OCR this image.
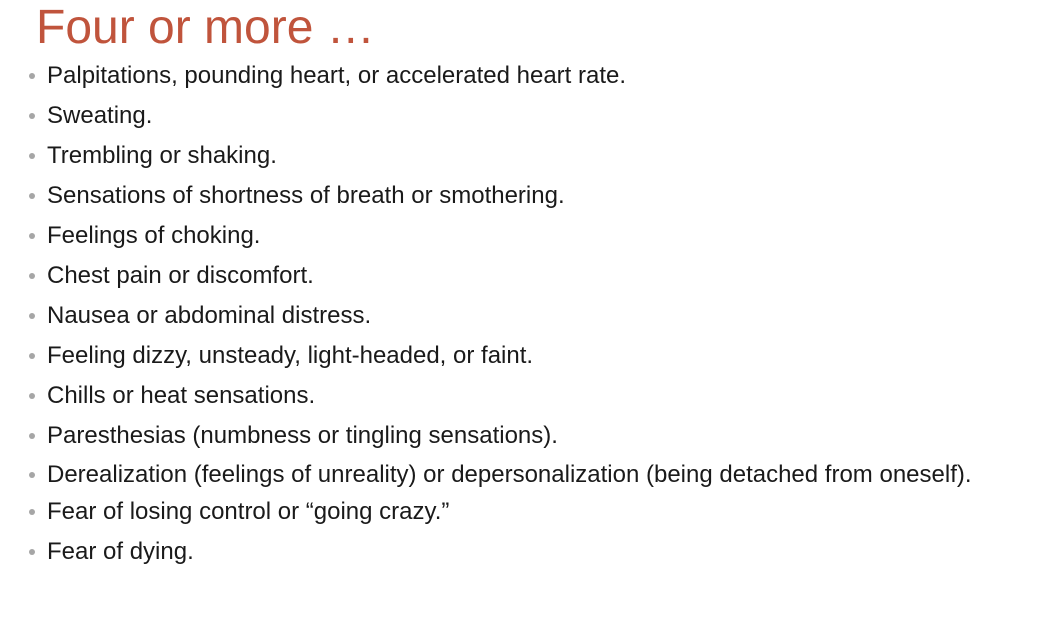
Four or more …
Palpitations, pounding heart, or accelerated heart rate.
Sweating.
Trembling or shaking.
Sensations of shortness of breath or smothering.
Feelings of choking.
Chest pain or discomfort.
Nausea or abdominal distress.
Feeling dizzy, unsteady, light-headed, or faint.
Chills or heat sensations.
Paresthesias (numbness or tingling sensations).
Derealization (feelings of unreality) or depersonalization (being detached from oneself).
Fear of losing control or “going crazy.”
Fear of dying.
